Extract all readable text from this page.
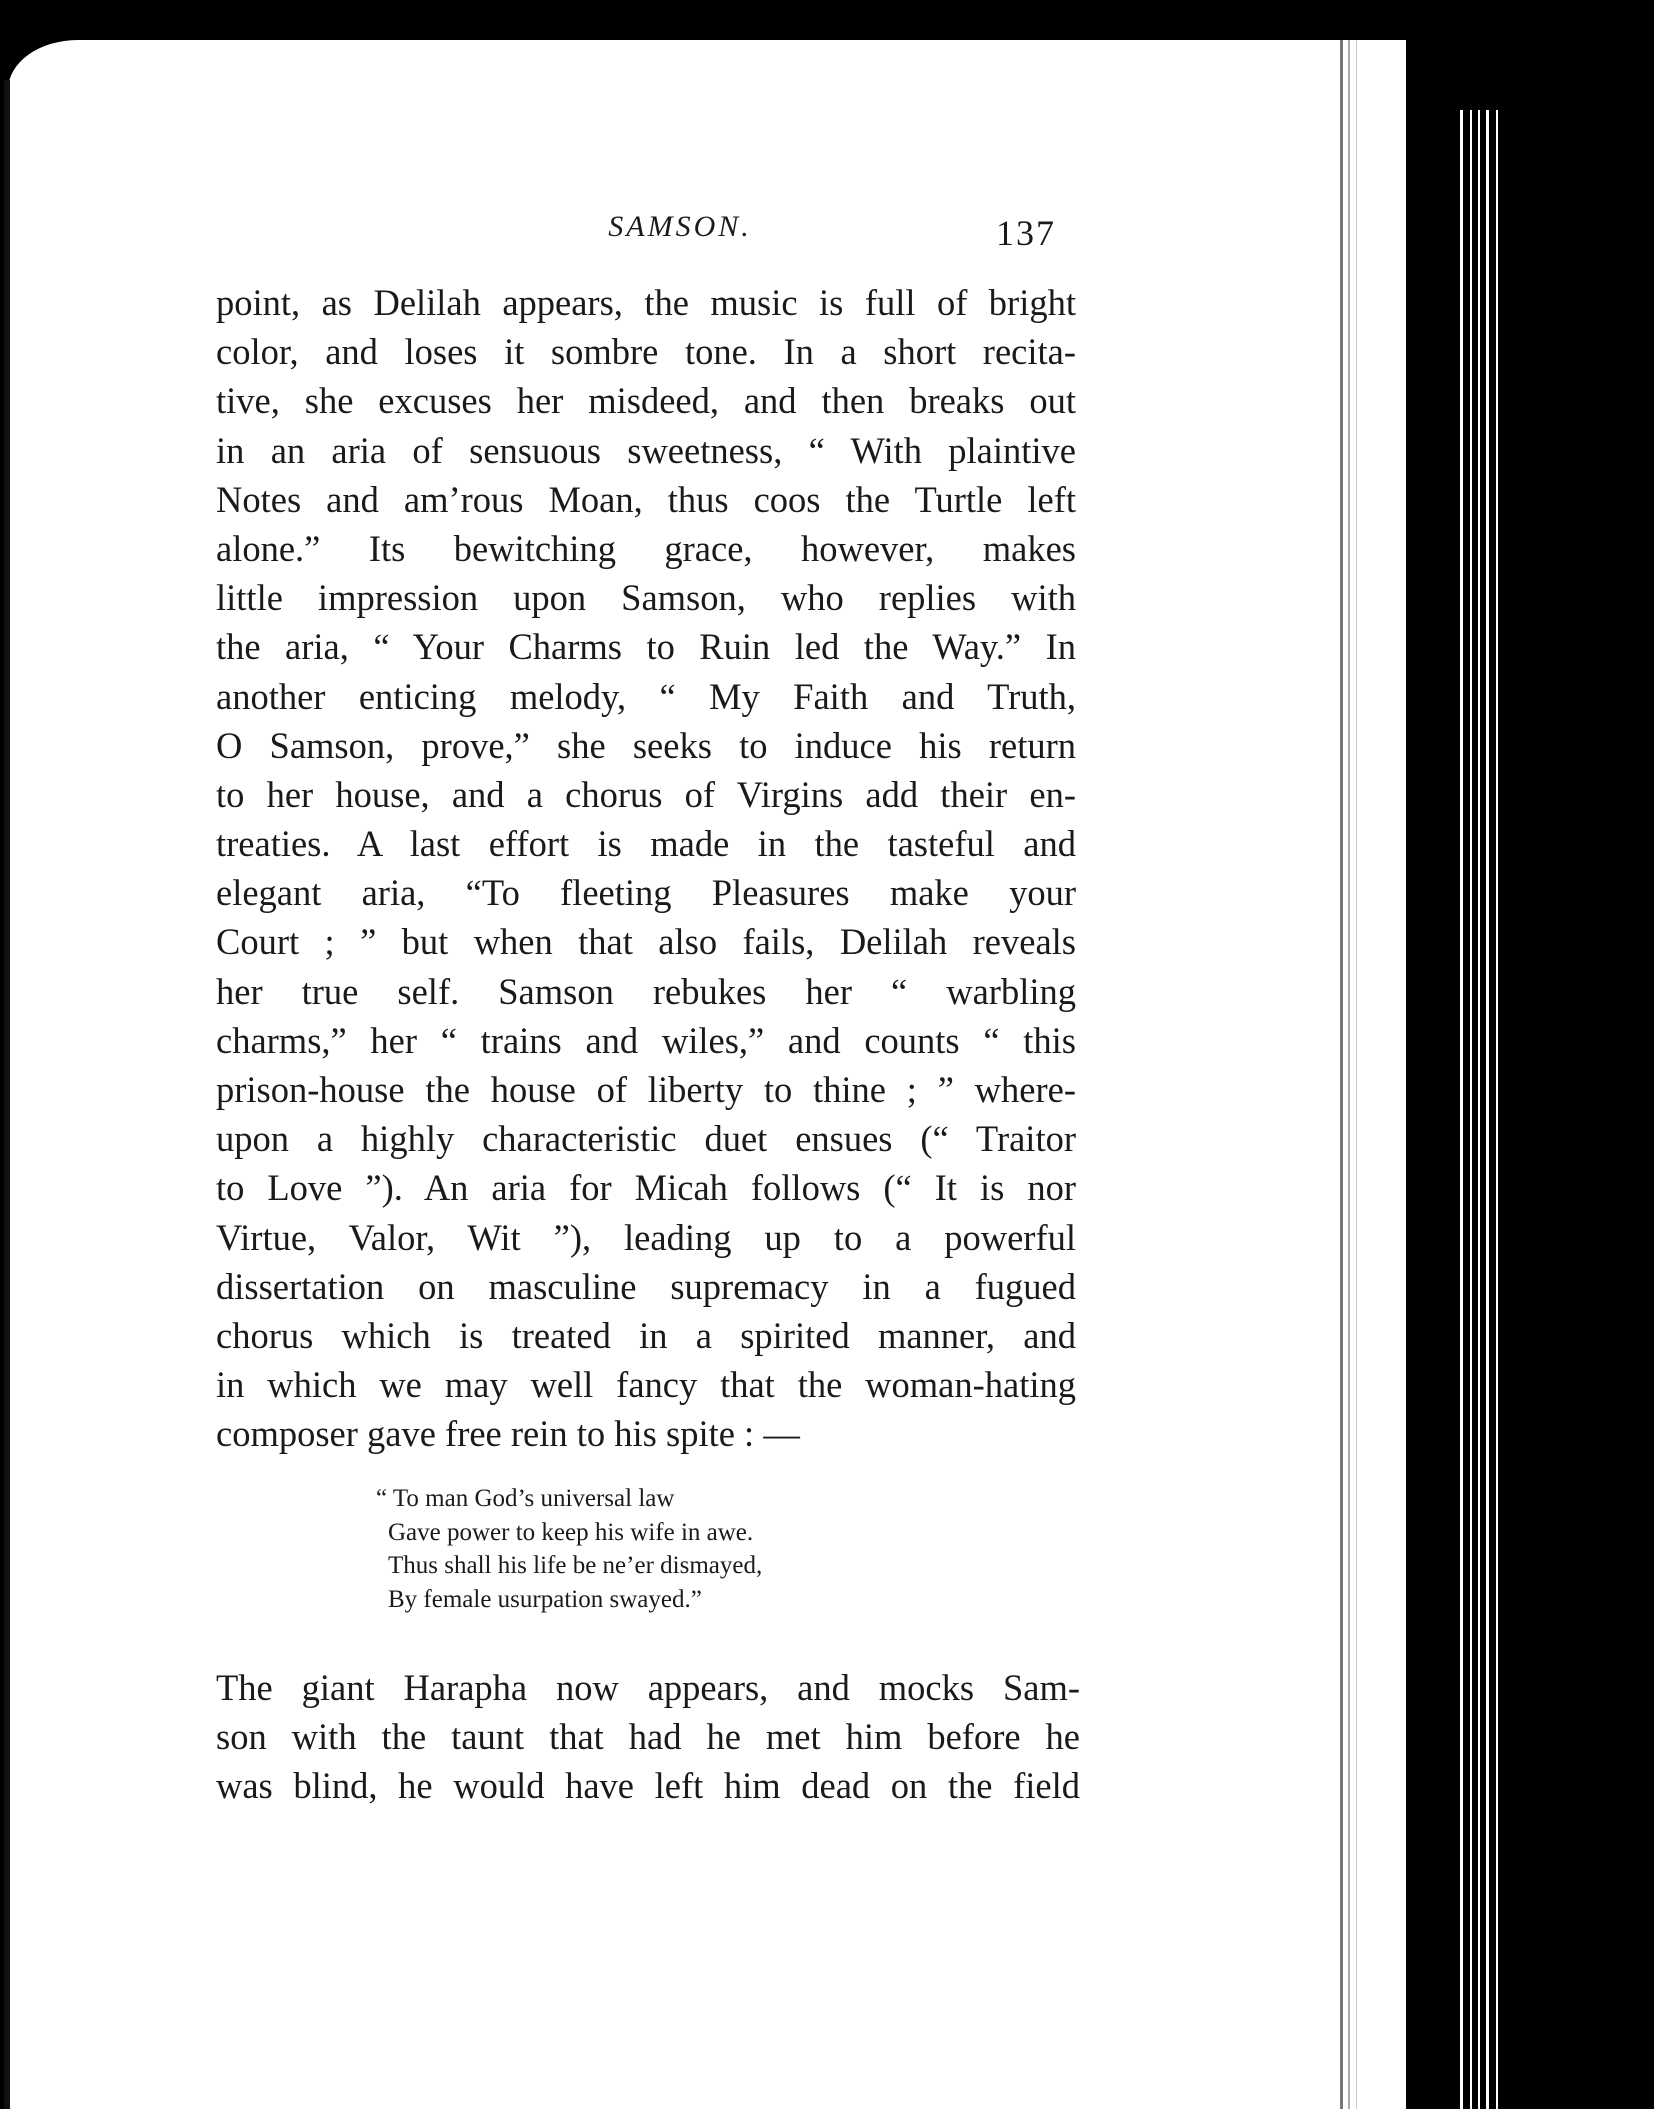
SAMSON.	137
point, as Delilah appears, the music is full of bright
color, and loses it sombre tone. In a short recita-
tive, she excuses her misdeed, and then breaks out
in an aria of sensuous sweetness, “ With plaintive
Notes and am’rous Moan, thus coos the Turtle left
alone.” Its bewitching grace, however, makes
little impression upon Samson, who replies with
the aria, “ Your Charms to Ruin led the Way.” In
another enticing melody, “ My Faith and Truth,
O Samson, prove,” she seeks to induce his return
to her house, and a chorus of Virgins add their en-
treaties. A last effort is made in the tasteful and
elegant aria, “To fleeting Pleasures make your
Court ; ” but when that also fails, Delilah reveals
her true self. Samson rebukes her “ warbling
charms,” her “ trains and wiles,” and counts “ this
prison-house the house of liberty to thine ; ” where-
upon a highly characteristic duet ensues (“ Traitor
to Love ”). An aria for Micah follows (“ It is nor
Virtue, Valor, Wit ”), leading up to a powerful
dissertation on masculine supremacy in a fugued
chorus which is treated in a spirited manner, and
in which we may well fancy that the woman-hating
composer gave free rein to his spite : —
“ To man God’s universal law
Gave power to keep his wife in awe.
Thus shall his life be ne’er dismayed,
By female usurpation swayed.”
The giant Harapha now appears, and mocks Sam-
son with the taunt that had he met him before he
was blind, he would have left him dead on the field
